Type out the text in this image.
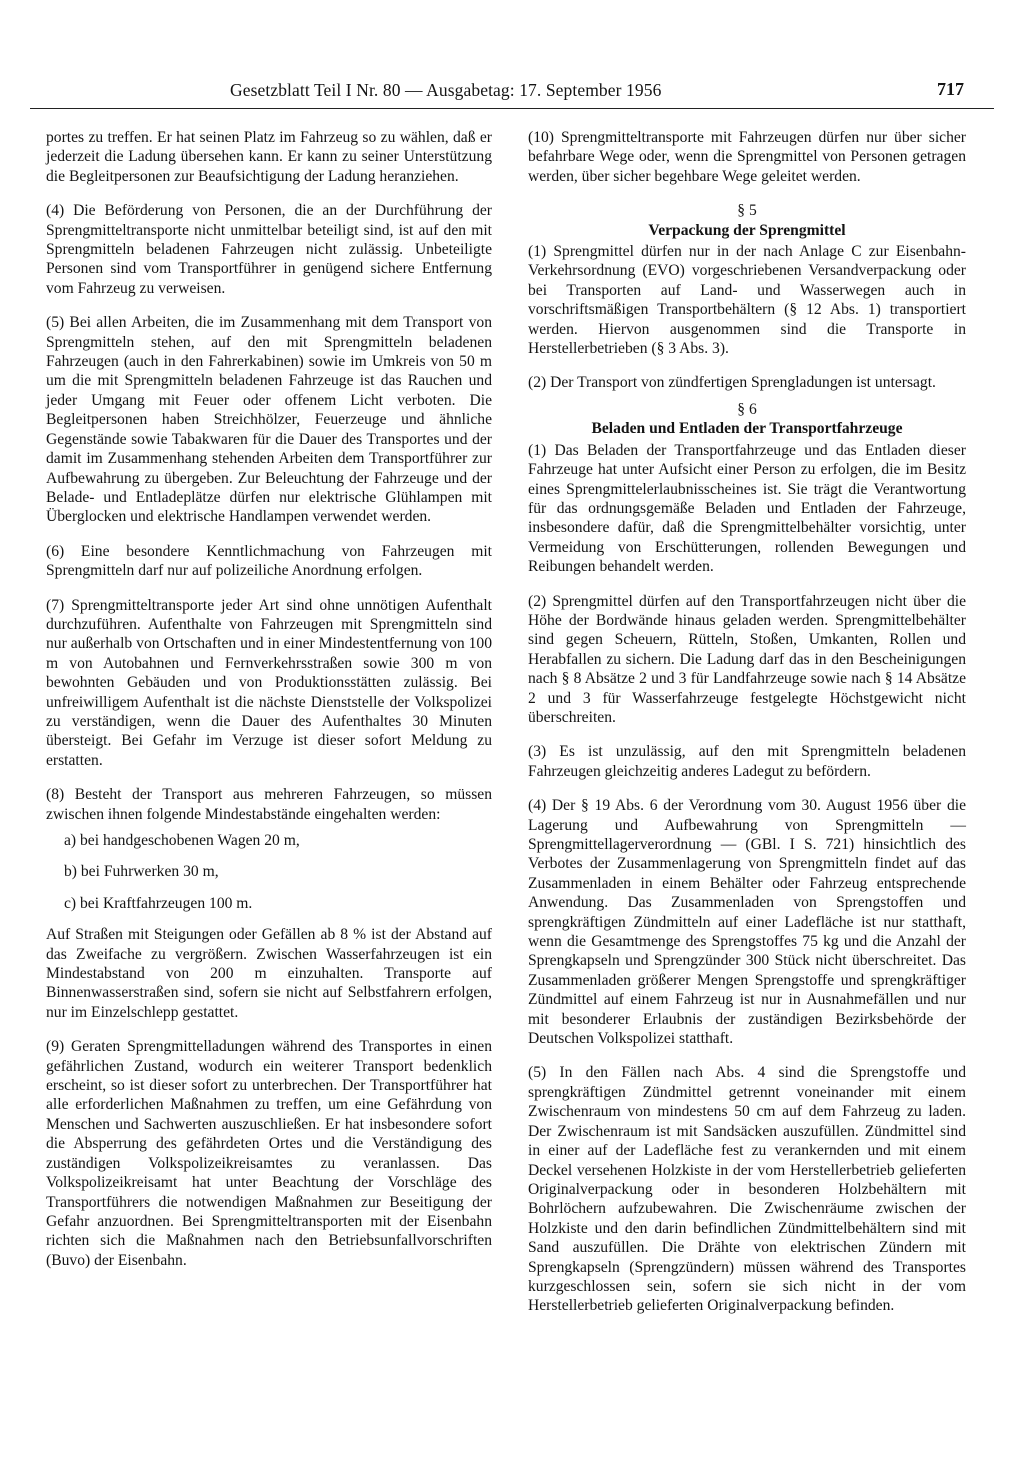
Gesetzblatt Teil I Nr. 80 — Ausgabetag: 17. September 1956	717

portes zu treffen. Er hat seinen Platz im Fahrzeug so zu wählen, daß er jederzeit die Ladung übersehen kann. Er kann zu seiner Unterstützung die Begleitpersonen zur Beaufsichtigung der Ladung heranziehen.

(4) Die Beförderung von Personen, die an der Durchführung der Sprengmitteltransporte nicht unmittelbar beteiligt sind, ist auf den mit Sprengmitteln beladenen Fahrzeugen nicht zulässig. Unbeteiligte Personen sind vom Transportführer in genügend sichere Entfernung vom Fahrzeug zu verweisen.

(5) Bei allen Arbeiten, die im Zusammenhang mit dem Transport von Sprengmitteln stehen, auf den mit Sprengmitteln beladenen Fahrzeugen (auch in den Fahrerkabinen) sowie im Umkreis von 50 m um die mit Sprengmitteln beladenen Fahrzeuge ist das Rauchen und jeder Umgang mit Feuer oder offenem Licht verboten. Die Begleitpersonen haben Streichhölzer, Feuerzeuge und ähnliche Gegenstände sowie Tabakwaren für die Dauer des Transportes und der damit im Zusammenhang stehenden Arbeiten dem Transportführer zur Aufbewahrung zu übergeben. Zur Beleuchtung der Fahrzeuge und der Belade- und Entladeplätze dürfen nur elektrische Glühlampen mit Überglocken und elektrische Handlampen verwendet werden.

(6) Eine besondere Kenntlichmachung von Fahrzeugen mit Sprengmitteln darf nur auf polizeiliche Anordnung erfolgen.

(7) Sprengmitteltransporte jeder Art sind ohne unnötigen Aufenthalt durchzuführen. Aufenthalte von Fahrzeugen mit Sprengmitteln sind nur außerhalb von Ortschaften und in einer Mindestentfernung von 100 m von Autobahnen und Fernverkehrsstraßen sowie 300 m von bewohnten Gebäuden und von Produktionsstätten zulässig. Bei unfreiwilligem Aufenthalt ist die nächste Dienststelle der Volkspolizei zu verständigen, wenn die Dauer des Aufenthaltes 30 Minuten übersteigt. Bei Gefahr im Verzuge ist dieser sofort Meldung zu erstatten.

(8) Besteht der Transport aus mehreren Fahrzeugen, so müssen zwischen ihnen folgende Mindestabstände eingehalten werden:

a) bei handgeschobenen Wagen 20 m,

b) bei Fuhrwerken 30 m,

c) bei Kraftfahrzeugen 100 m.

Auf Straßen mit Steigungen oder Gefällen ab 8 % ist der Abstand auf das Zweifache zu vergrößern. Zwischen Wasserfahrzeugen ist ein Mindestabstand von 200 m einzuhalten. Transporte auf Binnenwasserstraßen sind, sofern sie nicht auf Selbstfahrern erfolgen, nur im Einzelschlepp gestattet.

(9) Geraten Sprengmittelladungen während des Transportes in einen gefährlichen Zustand, wodurch ein weiterer Transport bedenklich erscheint, so ist dieser sofort zu unterbrechen. Der Transportführer hat alle erforderlichen Maßnahmen zu treffen, um eine Gefährdung von Menschen und Sachwerten auszuschließen. Er hat insbesondere sofort die Absperrung des gefährdeten Ortes und die Verständigung des zuständigen Volkspolizeikreisamtes zu veranlassen. Das Volkspolizeikreisamt hat unter Beachtung der Vorschläge des Transportführers die notwendigen Maßnahmen zur Beseitigung der Gefahr anzuordnen. Bei Sprengmitteltransporten mit der Eisenbahn richten sich die Maßnahmen nach den Betriebsunfallvorschriften (Buvo) der Eisenbahn.

(10) Sprengmitteltransporte mit Fahrzeugen dürfen nur über sicher befahrbare Wege oder, wenn die Sprengmittel von Personen getragen werden, über sicher begehbare Wege geleitet werden.

§ 5

Verpackung der Sprengmittel

(1) Sprengmittel dürfen nur in der nach Anlage C zur Eisenbahn-Verkehrsordnung (EVO) vorgeschriebenen Versandverpackung oder bei Transporten auf Land- und Wasserwegen auch in vorschriftsmäßigen Transportbehältern (§ 12 Abs. 1) transportiert werden. Hiervon ausgenommen sind die Transporte in Herstellerbetrieben (§ 3 Abs. 3).

(2) Der Transport von zündfertigen Sprengladungen ist untersagt.

§ 6

Beladen und Entladen der Transportfahrzeuge

(1) Das Beladen der Transportfahrzeuge und das Entladen dieser Fahrzeuge hat unter Aufsicht einer Person zu erfolgen, die im Besitz eines Sprengmittelerlaubnisscheines ist. Sie trägt die Verantwortung für das ordnungsgemäße Beladen und Entladen der Fahrzeuge, insbesondere dafür, daß die Sprengmittelbehälter vorsichtig, unter Vermeidung von Erschütterungen, rollenden Bewegungen und Reibungen behandelt werden.

(2) Sprengmittel dürfen auf den Transportfahrzeugen nicht über die Höhe der Bordwände hinaus geladen werden. Sprengmittelbehälter sind gegen Scheuern, Rütteln, Stoßen, Umkanten, Rollen und Herabfallen zu sichern. Die Ladung darf das in den Bescheinigungen nach § 8 Absätze 2 und 3 für Landfahrzeuge sowie nach § 14 Absätze 2 und 3 für Wasserfahrzeuge festgelegte Höchstgewicht nicht überschreiten.

(3) Es ist unzulässig, auf den mit Sprengmitteln beladenen Fahrzeugen gleichzeitig anderes Ladegut zu befördern.

(4) Der § 19 Abs. 6 der Verordnung vom 30. August 1956 über die Lagerung und Aufbewahrung von Sprengmitteln — Sprengmittellagerverordnung — (GBl. I S. 721) hinsichtlich des Verbotes der Zusammenlagerung von Sprengmitteln findet auf das Zusammenladen in einem Behälter oder Fahrzeug entsprechende Anwendung. Das Zusammenladen von Sprengstoffen und sprengkräftigen Zündmitteln auf einer Ladefläche ist nur statthaft, wenn die Gesamtmenge des Sprengstoffes 75 kg und die Anzahl der Sprengkapseln und Sprengzünder 300 Stück nicht überschreitet. Das Zusammenladen größerer Mengen Sprengstoffe und sprengkräftiger Zündmittel auf einem Fahrzeug ist nur in Ausnahmefällen und nur mit besonderer Erlaubnis der zuständigen Bezirksbehörde der Deutschen Volkspolizei statthaft.

(5) In den Fällen nach Abs. 4 sind die Sprengstoffe und sprengkräftigen Zündmittel getrennt voneinander mit einem Zwischenraum von mindestens 50 cm auf dem Fahrzeug zu laden. Der Zwischenraum ist mit Sandsäcken auszufüllen. Zündmittel sind in einer auf der Ladefläche fest zu verankernden und mit einem Deckel versehenen Holzkiste in der vom Herstellerbetrieb gelieferten Originalverpackung oder in besonderen Holzbehältern mit Bohrlöchern aufzubewahren. Die Zwischenräume zwischen der Holzkiste und den darin befindlichen Zündmittelbehältern sind mit Sand auszufüllen. Die Drähte von elektrischen Zündern mit Sprengkapseln (Sprengzündern) müssen während des Transportes kurzgeschlossen sein, sofern sie sich nicht in der vom Herstellerbetrieb gelieferten Originalverpackung befinden.
